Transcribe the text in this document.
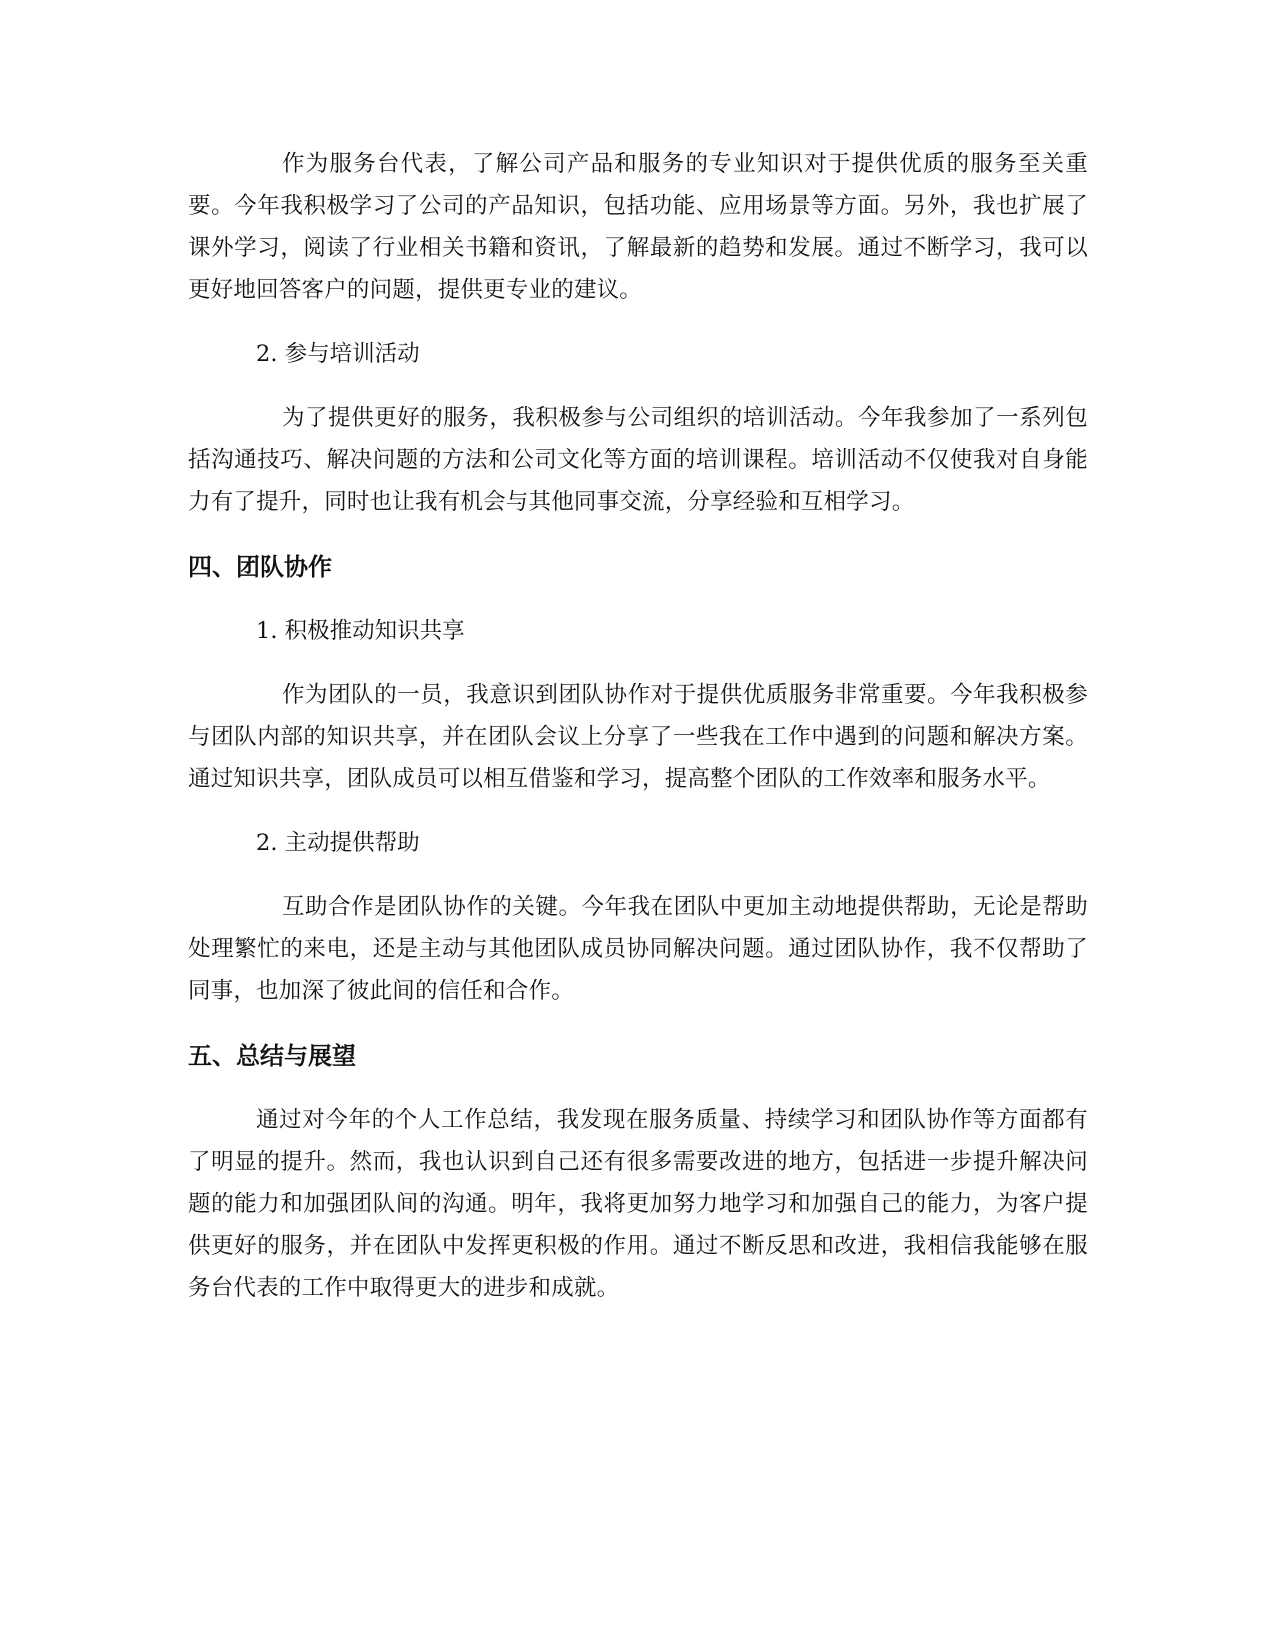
作为服务台代表，了解公司产品和服务的专业知识对于提供优质的服务至关重要。今年我积极学习了公司的产品知识，包括功能、应用场景等方面。另外，我也扩展了课外学习，阅读了行业相关书籍和资讯，了解最新的趋势和发展。通过不断学习，我可以更好地回答客户的问题，提供更专业的建议。

2. 参与培训活动

为了提供更好的服务，我积极参与公司组织的培训活动。今年我参加了一系列包括沟通技巧、解决问题的方法和公司文化等方面的培训课程。培训活动不仅使我对自身能力有了提升，同时也让我有机会与其他同事交流，分享经验和互相学习。

四、团队协作

1. 积极推动知识共享

作为团队的一员，我意识到团队协作对于提供优质服务非常重要。今年我积极参与团队内部的知识共享，并在团队会议上分享了一些我在工作中遇到的问题和解决方案。通过知识共享，团队成员可以相互借鉴和学习，提高整个团队的工作效率和服务水平。

2. 主动提供帮助

互助合作是团队协作的关键。今年我在团队中更加主动地提供帮助，无论是帮助处理繁忙的来电，还是主动与其他团队成员协同解决问题。通过团队协作，我不仅帮助了同事，也加深了彼此间的信任和合作。

五、总结与展望

通过对今年的个人工作总结，我发现在服务质量、持续学习和团队协作等方面都有了明显的提升。然而，我也认识到自己还有很多需要改进的地方，包括进一步提升解决问题的能力和加强团队间的沟通。明年，我将更加努力地学习和加强自己的能力，为客户提供更好的服务，并在团队中发挥更积极的作用。通过不断反思和改进，我相信我能够在服务台代表的工作中取得更大的进步和成就。
